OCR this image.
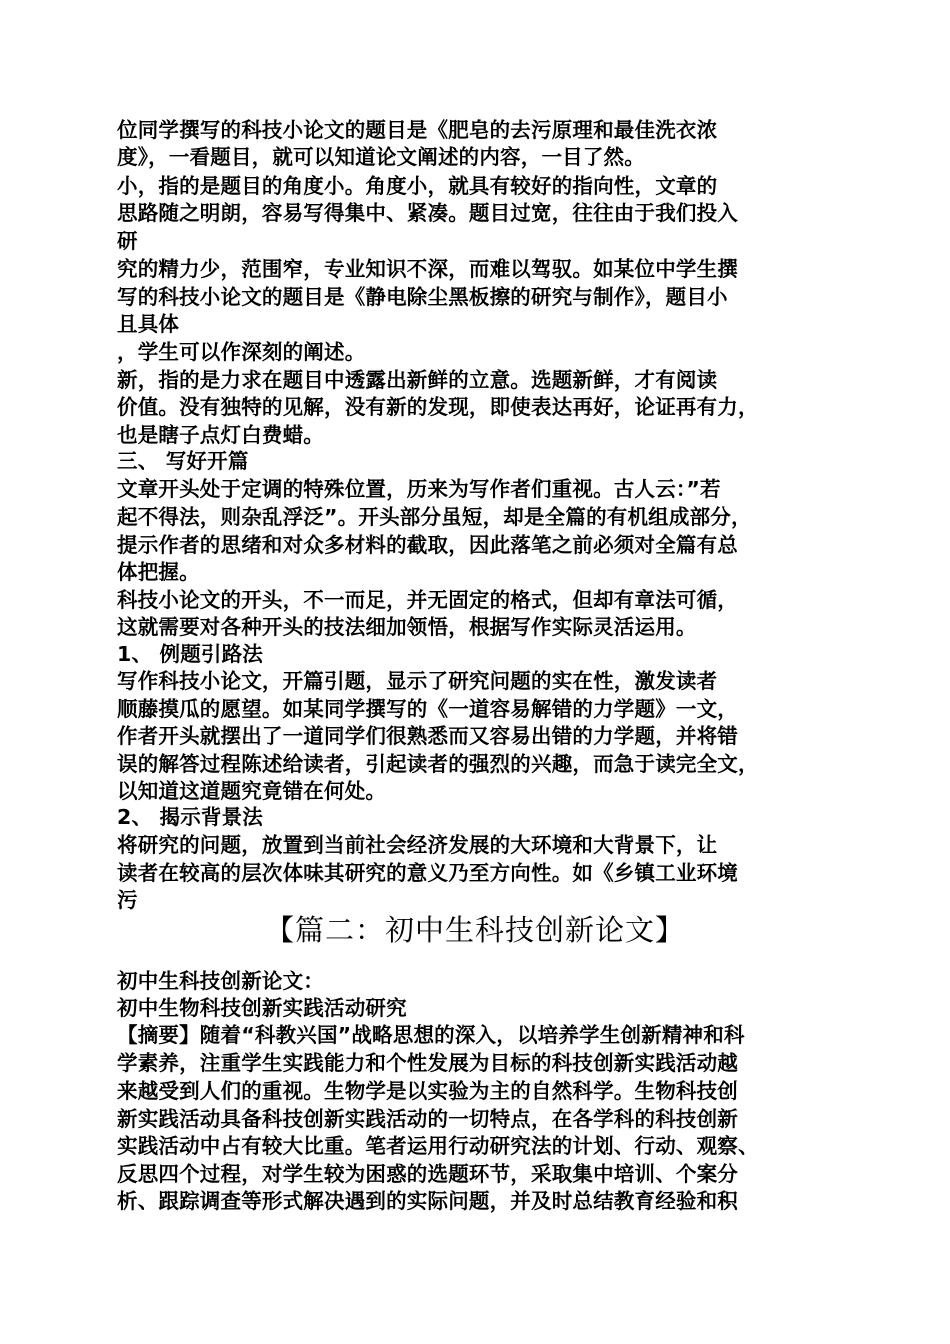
位同学撰写的科技小论文的题目是《肥皂的去污原理和最佳洗衣浓
度》，一看题目，就可以知道论文阐述的内容，一目了然。
小，指的是题目的角度小。角度小，就具有较好的指向性，文章的
思路随之明朗，容易写得集中、紧凑。题目过宽，往往由于我们投入
研
究的精力少，范围窄，专业知识不深，而难以驾驭。如某位中学生撰
写的科技小论文的题目是《静电除尘黑板擦的研究与制作》，题目小
且具体
，学生可以作深刻的阐述。
新，指的是力求在题目中透露出新鲜的立意。选题新鲜，才有阅读
价值。没有独特的见解，没有新的发现，即使表达再好，论证再有力，
也是瞎子点灯白费蜡。
三、 写好开篇
文章开头处于定调的特殊位置，历来为写作者们重视。古人云：”若
起不得法，则杂乱浮泛”。开头部分虽短，却是全篇的有机组成部分，
提示作者的思绪和对众多材料的截取，因此落笔之前必须对全篇有总
体把握。
科技小论文的开头，不一而足，并无固定的格式，但却有章法可循，
这就需要对各种开头的技法细加领悟，根据写作实际灵活运用。
1、 例题引路法
写作科技小论文，开篇引题，显示了研究问题的实在性，激发读者
顺藤摸瓜的愿望。如某同学撰写的《一道容易解错的力学题》一文，
作者开头就摆出了一道同学们很熟悉而又容易出错的力学题，并将错
误的解答过程陈述给读者，引起读者的强烈的兴趣，而急于读完全文，
以知道这道题究竟错在何处。
2、 揭示背景法
将研究的问题，放置到当前社会经济发展的大环境和大背景下，让
读者在较高的层次体味其研究的意义乃至方向性。如《乡镇工业环境
污
【篇二：初中生科技创新论文】
初中生科技创新论文：
初中生物科技创新实践活动研究
【摘要】随着“科教兴国”战略思想的深入，以培养学生创新精神和科
学素养，注重学生实践能力和个性发展为目标的科技创新实践活动越
来越受到人们的重视。生物学是以实验为主的自然科学。生物科技创
新实践活动具备科技创新实践活动的一切特点，在各学科的科技创新
实践活动中占有较大比重。笔者运用行动研究法的计划、行动、观察、
反思四个过程，对学生较为困惑的选题环节，采取集中培训、个案分
析、跟踪调查等形式解决遇到的实际问题，并及时总结教育经验和积
